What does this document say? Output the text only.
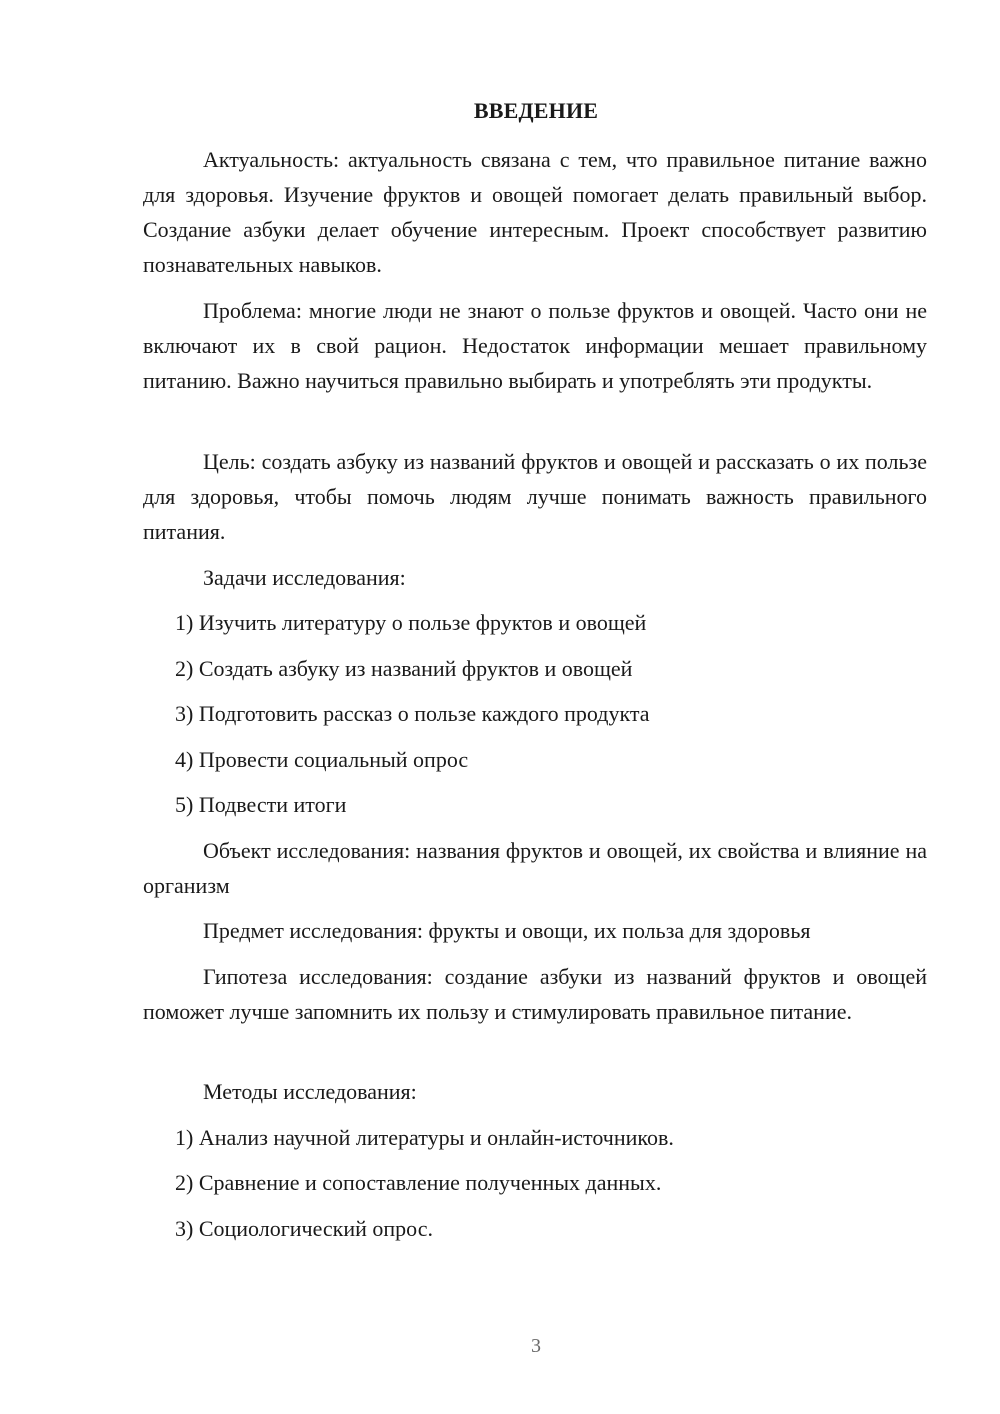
ВВЕДЕНИЕ

Актуальность: актуальность связана с тем, что правильное питание важно для здоровья. Изучение фруктов и овощей помогает делать правильный выбор. Создание азбуки делает обучение интересным. Проект способствует развитию познавательных навыков.

Проблема: многие люди не знают о пользе фруктов и овощей. Часто они не включают их в свой рацион. Недостаток информации мешает правильному питанию. Важно научиться правильно выбирать и употреблять эти продукты.

Цель: создать азбуку из названий фруктов и овощей и рассказать о их пользе для здоровья, чтобы помочь людям лучше понимать важность правильного питания.

Задачи исследования:

1) Изучить литературу о пользе фруктов и овощей

2) Создать азбуку из названий фруктов и овощей

3) Подготовить рассказ о пользе каждого продукта

4) Провести социальный опрос

5) Подвести итоги

Объект исследования: названия фруктов и овощей, их свойства и влияние на организм

Предмет исследования: фрукты и овощи, их польза для здоровья

Гипотеза исследования: создание азбуки из названий фруктов и овощей поможет лучше запомнить их пользу и стимулировать правильное питание.

Методы исследования:

1) Анализ научной литературы и онлайн-источников.

2) Сравнение и сопоставление полученных данных.

3) Социологический опрос.

3
